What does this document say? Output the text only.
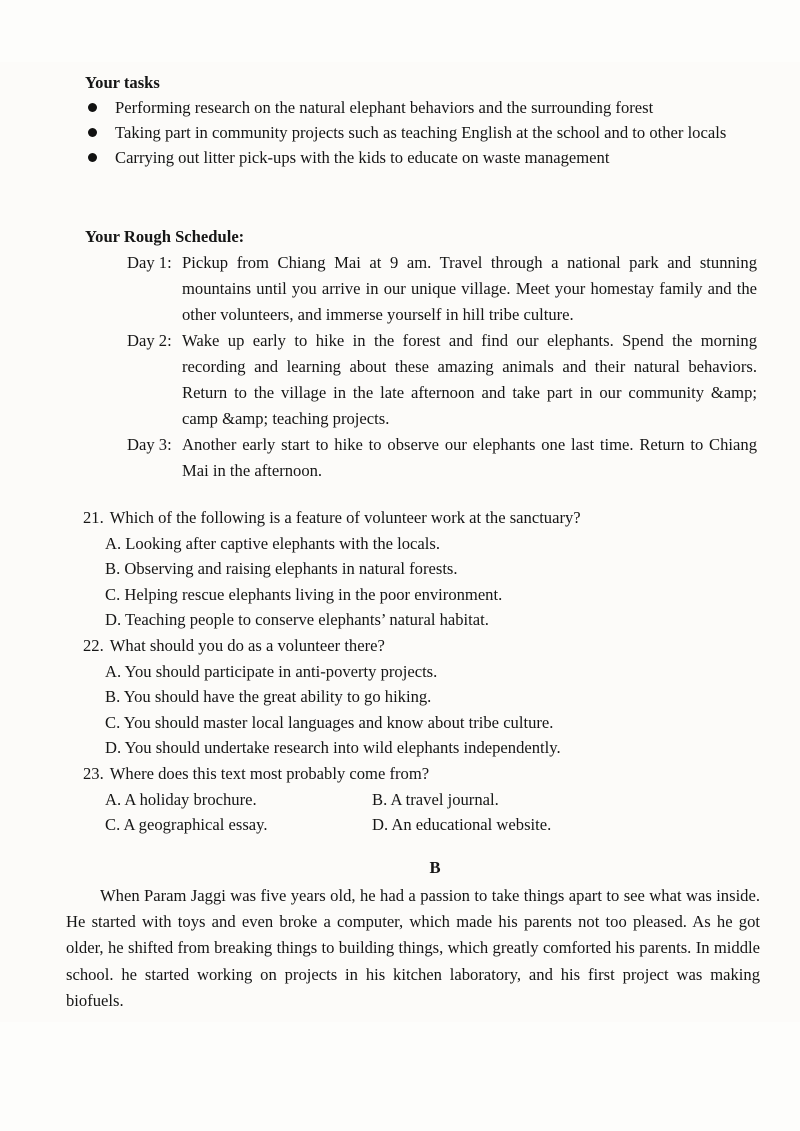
Your tasks
Performing research on the natural elephant behaviors and the surrounding forest
Taking part in community projects such as teaching English at the school and to other locals
Carrying out litter pick-ups with the kids to educate on waste management
Your Rough Schedule:
Day 1: Pickup from Chiang Mai at 9 am. Travel through a national park and stunning mountains until you arrive in our unique village. Meet your homestay family and the other volunteers, and immerse yourself in hill tribe culture.
Day 2: Wake up early to hike in the forest and find our elephants. Spend the morning recording and learning about these amazing animals and their natural behaviors. Return to the village in the late afternoon and take part in our community &amp; camp &amp; teaching projects.
Day 3: Another early start to hike to observe our elephants one last time. Return to Chiang Mai in the afternoon.
21. Which of the following is a feature of volunteer work at the sanctuary?
A. Looking after captive elephants with the locals.
B. Observing and raising elephants in natural forests.
C. Helping rescue elephants living in the poor environment.
D. Teaching people to conserve elephants’ natural habitat.
22. What should you do as a volunteer there?
A. You should participate in anti-poverty projects.
B. You should have the great ability to go hiking.
C. You should master local languages and know about tribe culture.
D. You should undertake research into wild elephants independently.
23. Where does this text most probably come from?
A. A holiday brochure.	B. A travel journal.
C. A geographical essay.	D. An educational website.
B
When Param Jaggi was five years old, he had a passion to take things apart to see what was inside. He started with toys and even broke a computer, which made his parents not too pleased. As he got older, he shifted from breaking things to building things, which greatly comforted his parents. In middle school. he started working on projects in his kitchen laboratory, and his first project was making biofuels.
